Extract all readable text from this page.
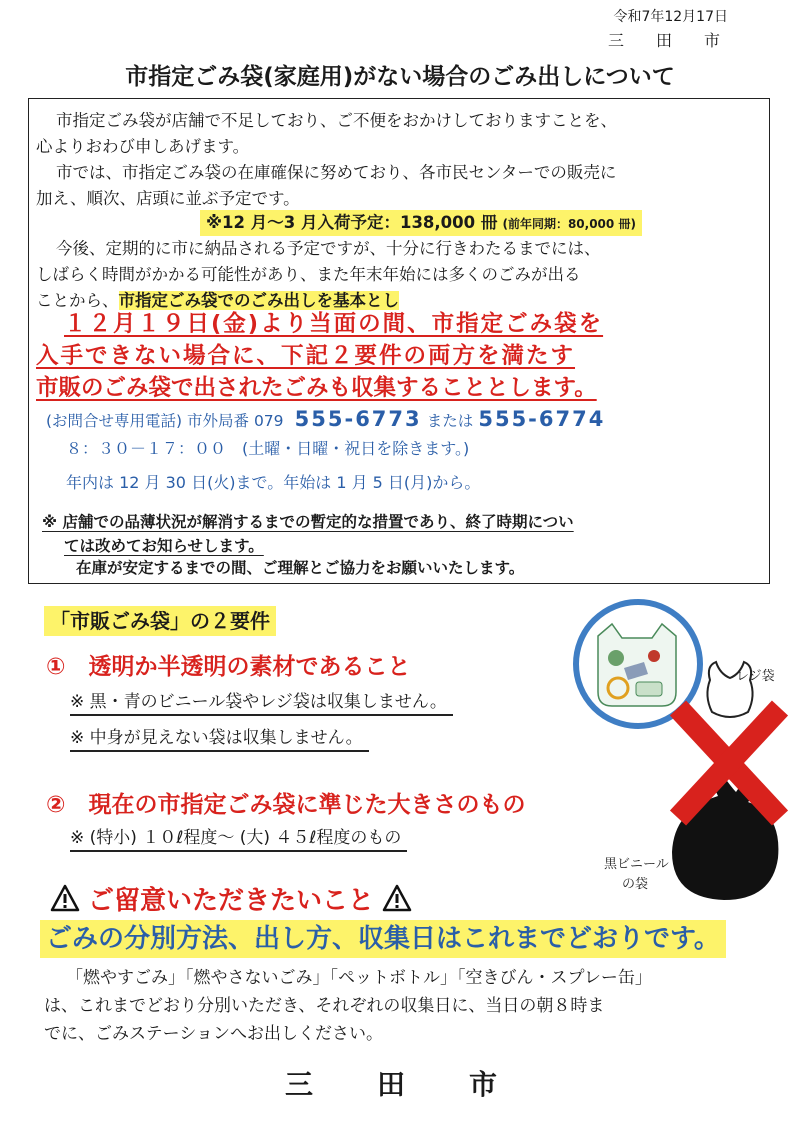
令和7年12月17日
三　田　市
市指定ごみ袋(家庭用)がない場合のごみ出しについて
市指定ごみ袋が店舗で不足しており、ご不便をおかけしておりますことを、
心よりおわび申しあげます。
市では、市指定ごみ袋の在庫確保に努めており、各市民センターでの販売に
加え、順次、店頭に並ぶ予定です。
※12 月～3 月入荷予定：138,000 冊 (前年同期：80,000 冊)
今後、定期的に市に納品される予定ですが、十分に行きわたるまでには、
しばらく時間がかかる可能性があり、また年末年始には多くのごみが出る
ことから、市指定ごみ袋でのごみ出しを基本とし
１２月１９日(金)より当面の間、市指定ごみ袋を
入手できない場合に、下記２要件の両方を満たす
市販のごみ袋で出されたごみも収集することとします。
(お問合せ専用電話) 市外局番 079 555-6773 または 555-6774
８：３０－１７：００　(土曜・日曜・祝日を除きます。)
年内は 12 月 30 日(火)まで。年始は 1 月 5 日(月)から。
※ 店舗での品薄状況が解消するまでの暫定的な措置であり、終了時期につい
ては改めてお知らせします。
在庫が安定するまでの間、ご理解とご協力をお願いいたします。
「市販ごみ袋」の２要件
①　透明か半透明の素材であること
※ 黒・青のビニール袋やレジ袋は収集しません。
※ 中身が見えない袋は収集しません。
②　現在の市指定ごみ袋に準じた大きさのもの
※ (特小) １０ℓ程度～ (大) ４５ℓ程度のもの
レジ袋
黒ビニール
の袋
ご留意いただきたいこと
ごみの分別方法、出し方、収集日はこれまでどおりです。
「燃やすごみ」「燃やさないごみ」「ペットボトル」「空きびん・スプレー缶」
は、これまでどおり分別いただき、それぞれの収集日に、当日の朝８時ま
でに、ごみステーションへお出しください。
三　田　市
